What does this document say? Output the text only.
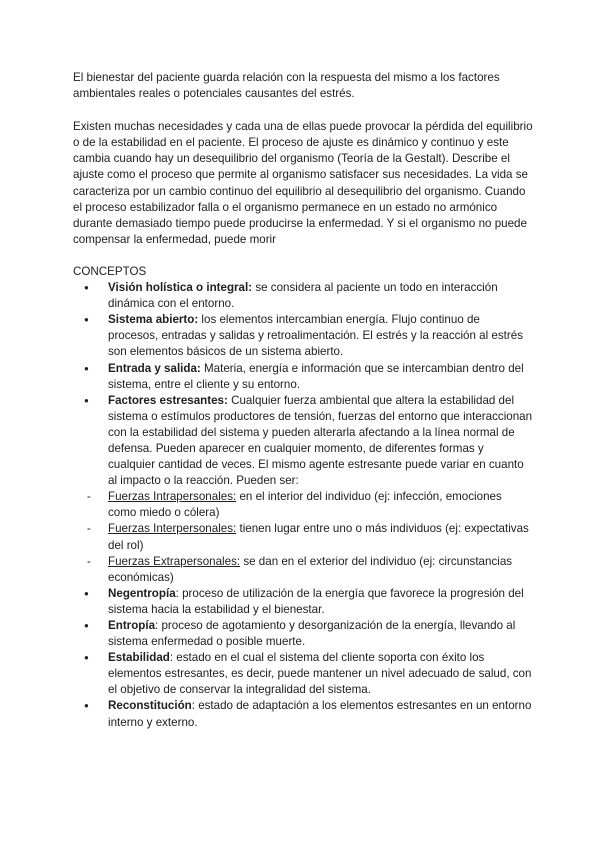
El bienestar del paciente guarda relación con la respuesta del mismo a los factores ambientales reales o potenciales causantes del estrés.

Existen muchas necesidades y cada una de ellas puede provocar la pérdida del equilibrio o de la estabilidad en el paciente. El proceso de ajuste es dinámico y continuo y este cambia cuando hay un desequilibrio del organismo (Teoría de la Gestalt). Describe el ajuste como el proceso que permite al organismo satisfacer sus necesidades. La vida se caracteriza por un cambio continuo del equilibrio al desequilibrio del organismo. Cuando el proceso estabilizador falla o el organismo permanece en un estado no armónico durante demasiado tiempo puede producirse la enfermedad. Y si el organismo no puede compensar la enfermedad, puede morir

CONCEPTOS

● Visión holística o integral: se considera al paciente un todo en interacción dinámica con el entorno.
● Sistema abierto: los elementos intercambian energía. Flujo continuo de procesos, entradas y salidas y retroalimentación. El estrés y la reacción al estrés son elementos básicos de un sistema abierto.
● Entrada y salida: Materia, energía e información que se intercambian dentro del sistema, entre el cliente y su entorno.
● Factores estresantes: Cualquier fuerza ambiental que altera la estabilidad del sistema o estímulos productores de tensión, fuerzas del entorno que interaccionan con la estabilidad del sistema y pueden alterarla afectando a la línea normal de defensa. Pueden aparecer en cualquier momento, de diferentes formas y cualquier cantidad de veces. El mismo agente estresante puede variar en cuanto al impacto o la reacción. Pueden ser:
- Fuerzas Intrapersonales: en el interior del individuo (ej: infección, emociones como miedo o cólera)
- Fuerzas Interpersonales: tienen lugar entre uno o más individuos (ej: expectativas del rol)
- Fuerzas Extrapersonales: se dan en el exterior del individuo (ej: circunstancias económicas)
● Negentropía: proceso de utilización de la energía que favorece la progresión del sistema hacia la estabilidad y el bienestar.
● Entropía: proceso de agotamiento y desorganización de la energía, llevando al sistema enfermedad o posible muerte.
● Estabilidad: estado en el cual el sistema del cliente soporta con éxito los elementos estresantes, es decir, puede mantener un nivel adecuado de salud, con el objetivo de conservar la integralidad del sistema.
● Reconstitución: estado de adaptación a los elementos estresantes en un entorno interno y externo.
